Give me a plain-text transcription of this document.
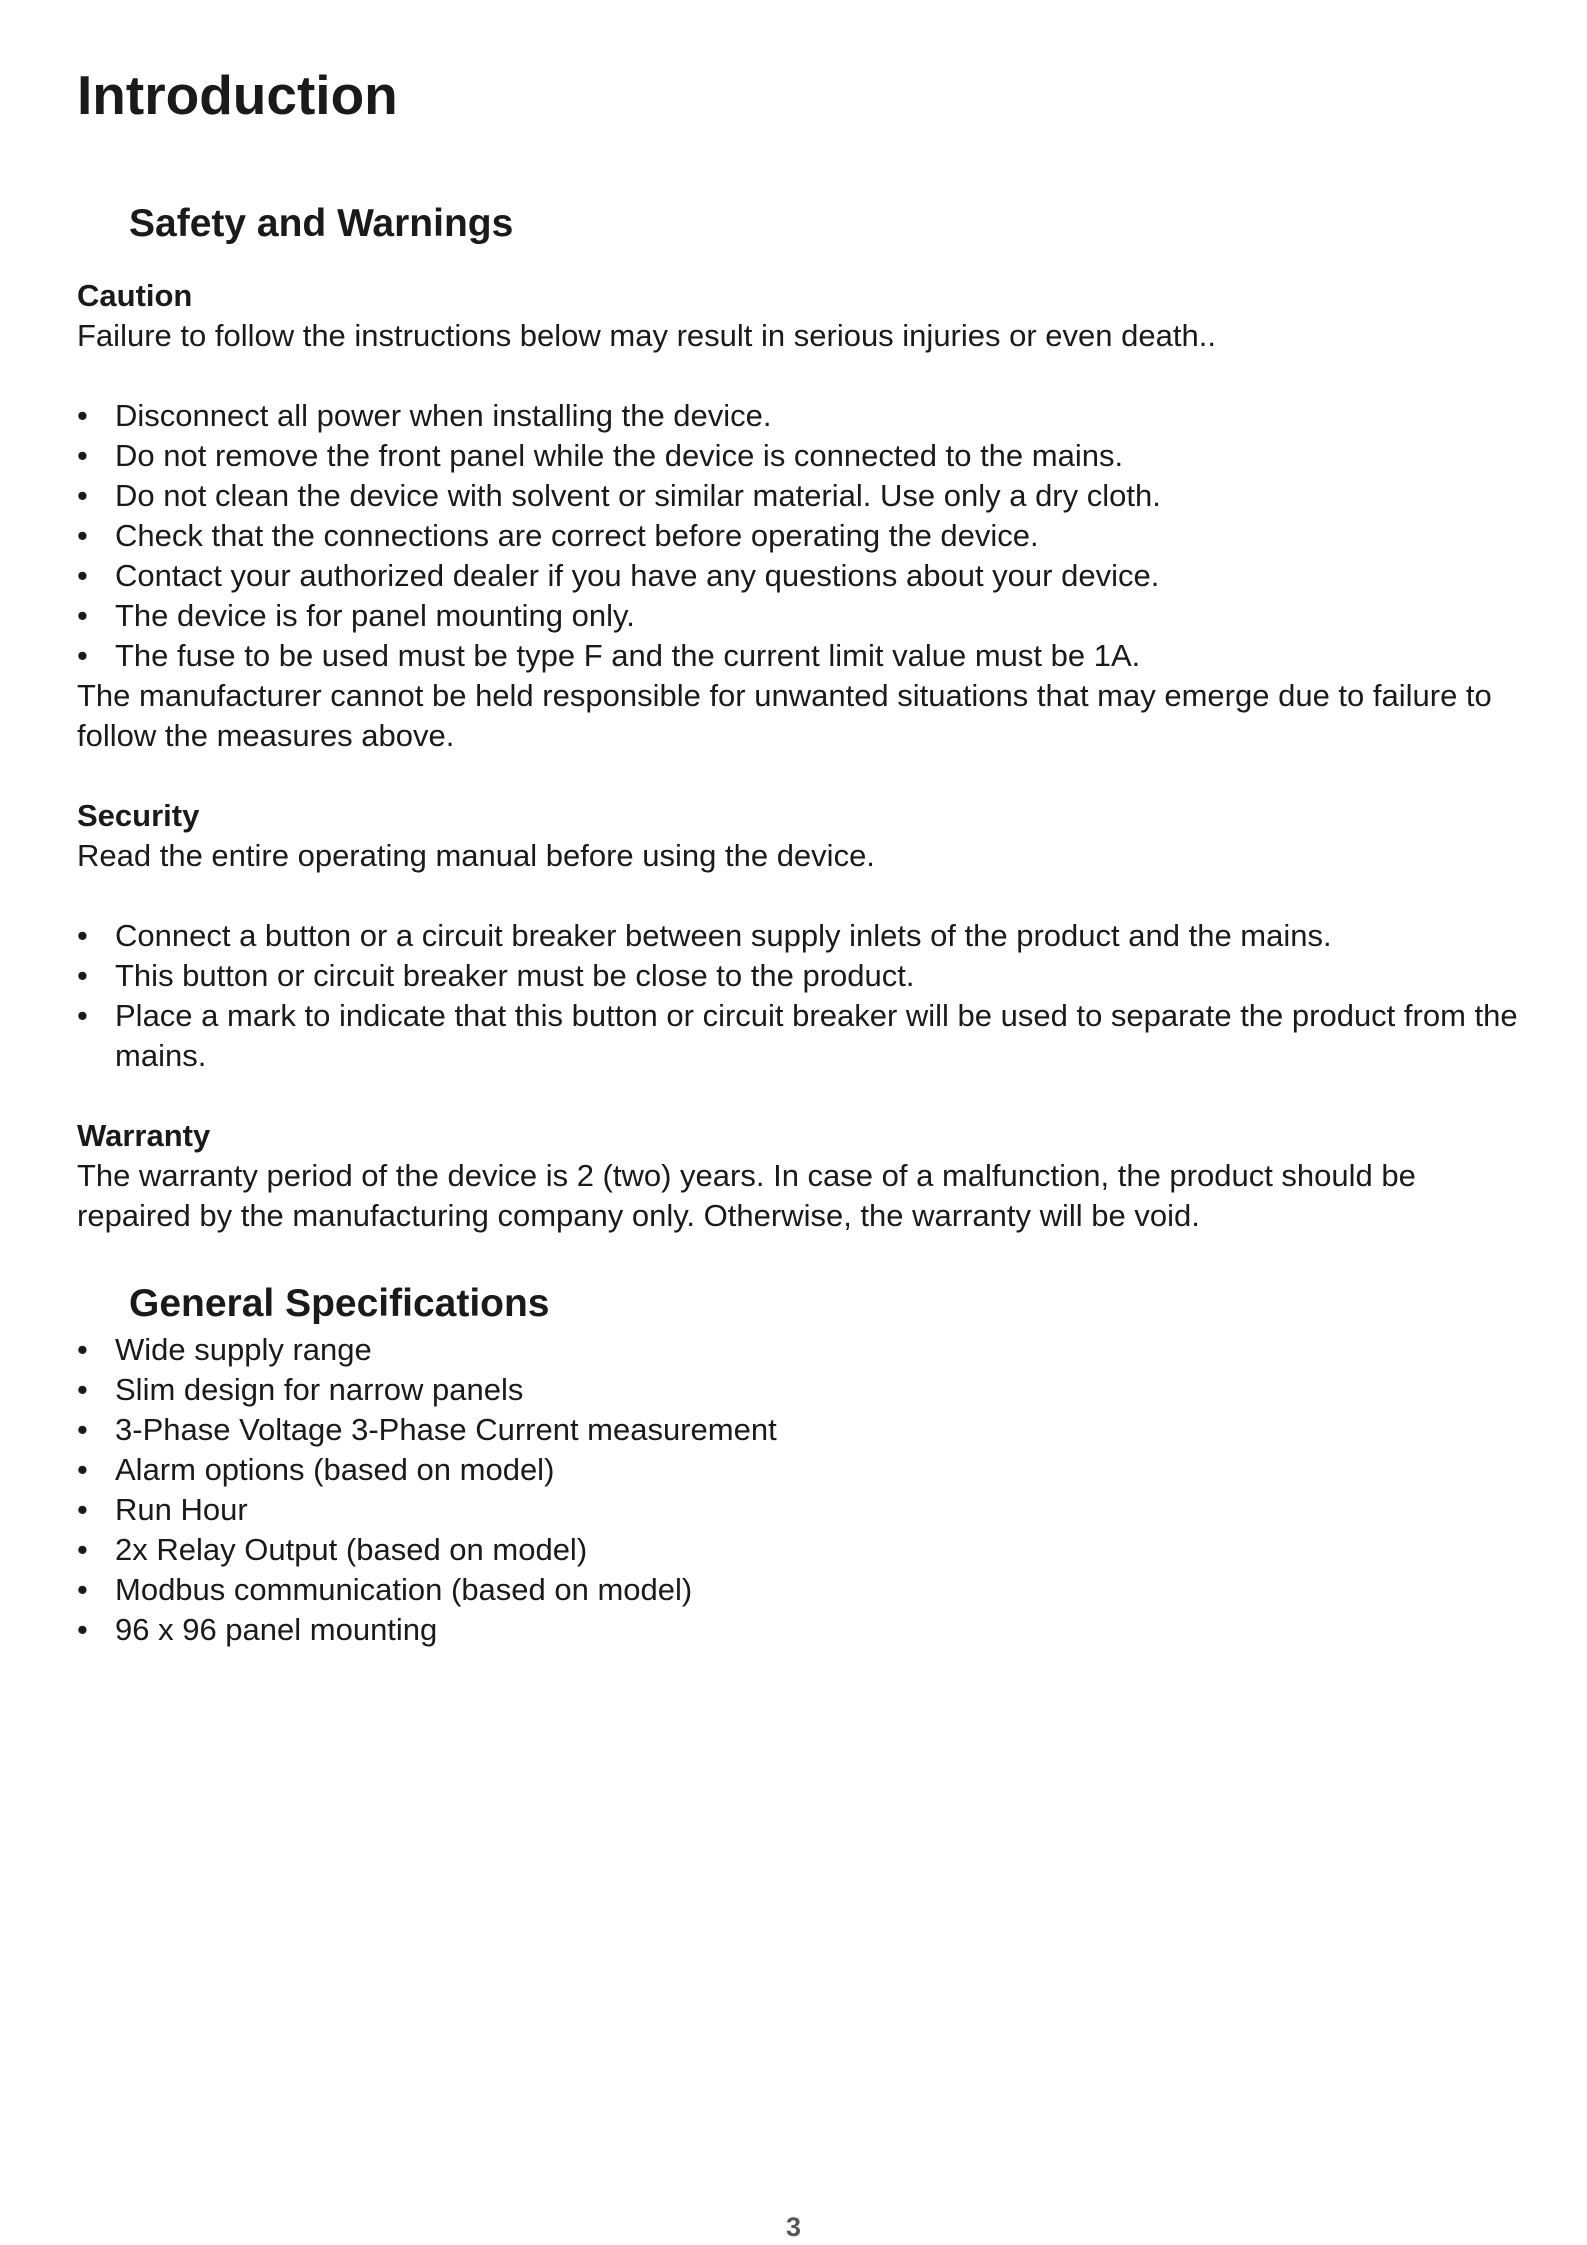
Introduction
Safety and Warnings
Caution

Failure to follow the instructions below may result in serious injuries or even death..

• Disconnect all power when installing the device.
• Do not remove the front panel while the device is connected to the mains.
• Do not clean the device with solvent or similar material. Use only a dry cloth.
• Check that the connections are correct before operating the device.
• Contact your authorized dealer if you have any questions about your device.
• The device is for panel mounting only.
• The fuse to be used must be type F and the current limit value must be 1A.

The manufacturer cannot be held responsible for unwanted situations that may emerge due to failure to follow the measures above.

Security

Read the entire operating manual before using the device.

• Connect a button or a circuit breaker between supply inlets of the product and the mains.
• This button or circuit breaker must be close to the product.
• Place a mark to indicate that this button or circuit breaker will be used to separate the product from the mains.
Warranty

The warranty period of the device is 2 (two) years. In case of a malfunction, the product should be repaired by the manufacturing company only. Otherwise, the warranty will be void.

General Specifications
• Wide supply range
• Slim design for narrow panels
• 3-Phase Voltage 3-Phase Current measurement
• Alarm options (based on model)
• Run Hour
• 2x Relay Output (based on model)
• Modbus communication (based on model)
• 96 x 96 panel mounting
3
